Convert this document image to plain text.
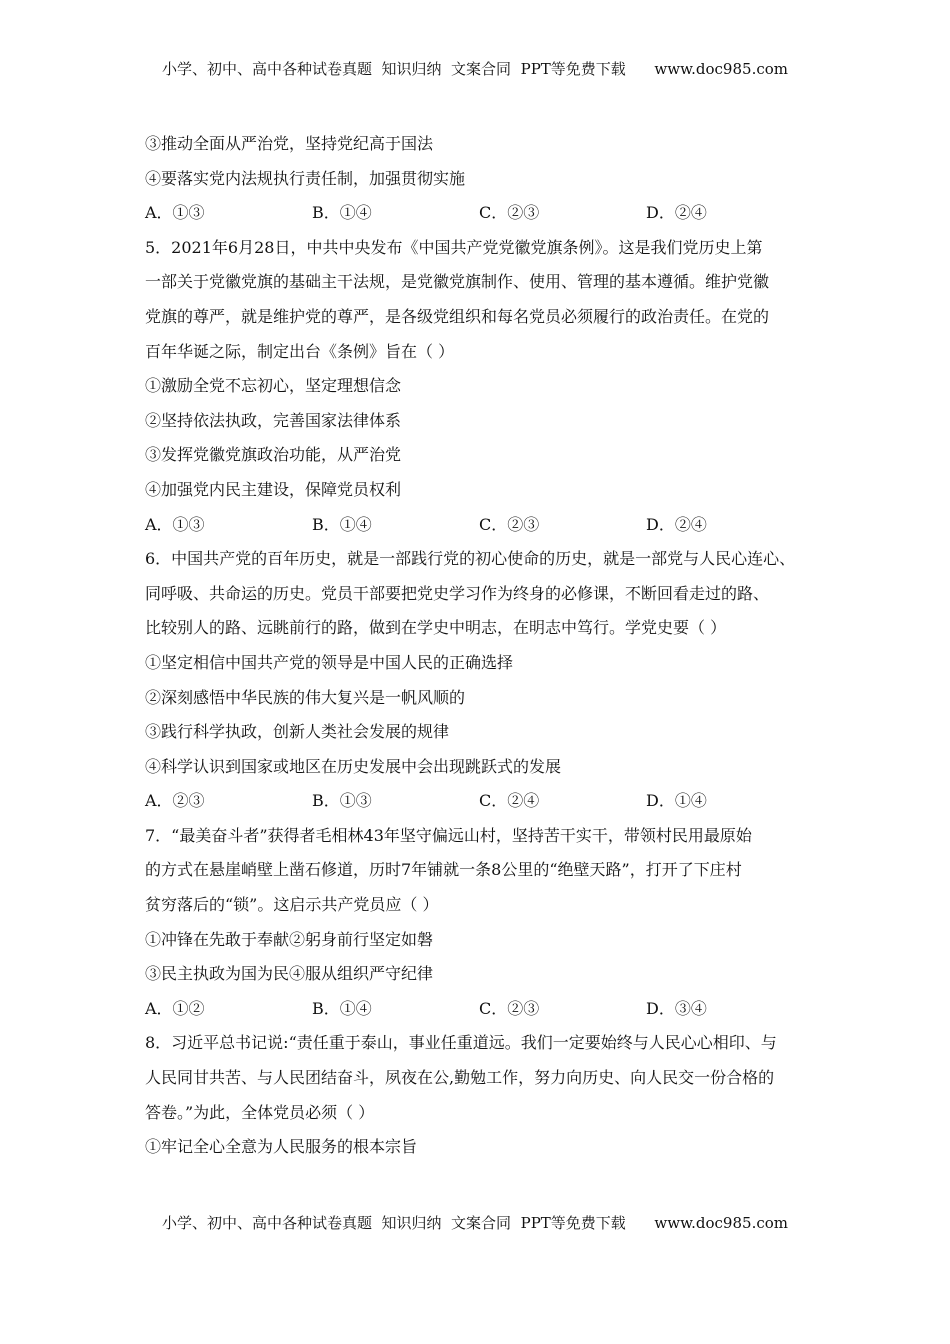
小学、初中、高中各种试卷真题  知识归纳  文案合同  PPT等免费下载      www.doc985.com
③推动全面从严治党，坚持党纪高于国法
④要落实党内法规执行责任制，加强贯彻实施
A．①③	B．①④	C．②③	D．②④
5．2021年6月28日，中共中央发布《中国共产党党徽党旗条例》。这是我们党历史上第
一部关于党徽党旗的基础主干法规，是党徽党旗制作、使用、管理的基本遵循。维护党徽
党旗的尊严，就是维护党的尊严，是各级党组织和每名党员必须履行的政治责任。在党的
百年华诞之际，制定出台《条例》旨在（ ）
①激励全党不忘初心，坚定理想信念
②坚持依法执政，完善国家法律体系
③发挥党徽党旗政治功能，从严治党
④加强党内民主建设，保障党员权利
A．①③	B．①④	C．②③	D．②④
6．中国共产党的百年历史，就是一部践行党的初心使命的历史，就是一部党与人民心连心、
同呼吸、共命运的历史。党员干部要把党史学习作为终身的必修课，不断回看走过的路、
比较别人的路、远眺前行的路，做到在学史中明志，在明志中笃行。学党史要（ ）
①坚定相信中国共产党的领导是中国人民的正确选择
②深刻感悟中华民族的伟大复兴是一帆风顺的
③践行科学执政，创新人类社会发展的规律
④科学认识到国家或地区在历史发展中会出现跳跃式的发展
A．②③	B．①③	C．②④	D．①④
7．“最美奋斗者”获得者毛相林43年坚守偏远山村，坚持苦干实干，带领村民用最原始
的方式在悬崖峭壁上凿石修道，历时7年铺就一条8公里的“绝壁天路”，打开了下庄村
贫穷落后的“锁”。这启示共产党员应（ ）
①冲锋在先敢于奉献②躬身前行坚定如磐
③民主执政为国为民④服从组织严守纪律
A．①②	B．①④	C．②③	D．③④
8．习近平总书记说:“责任重于泰山，事业任重道远。我们一定要始终与人民心心相印、与
人民同甘共苦、与人民团结奋斗，夙夜在公,勤勉工作，努力向历史、向人民交一份合格的
答卷。”为此，全体党员必须（ ）
①牢记全心全意为人民服务的根本宗旨
小学、初中、高中各种试卷真题  知识归纳  文案合同  PPT等免费下载      www.doc985.com
